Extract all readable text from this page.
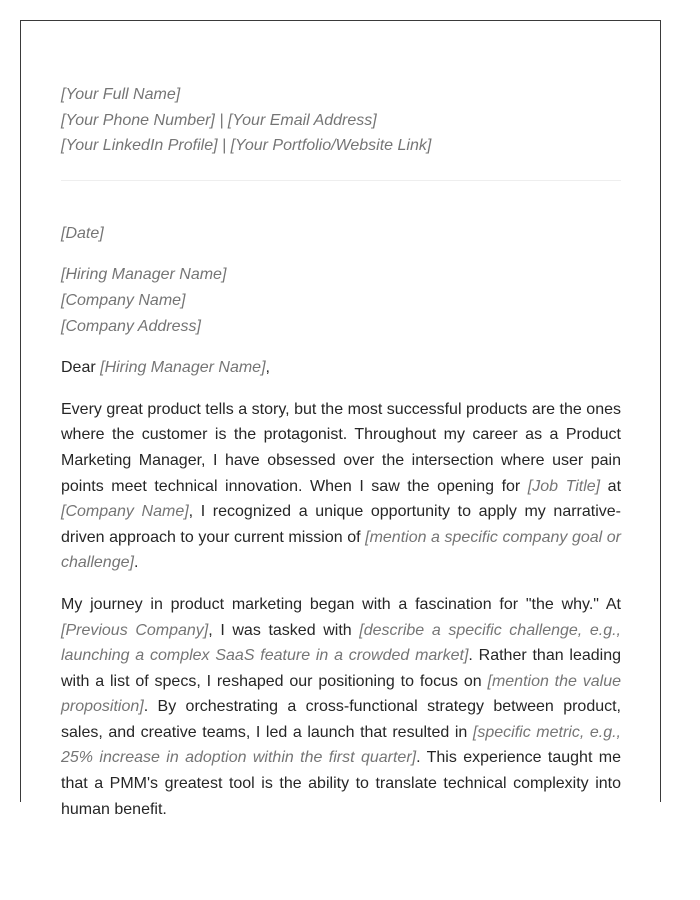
[Your Full Name]
[Your Phone Number] | [Your Email Address]
[Your LinkedIn Profile] | [Your Portfolio/Website Link]
[Date]
[Hiring Manager Name]
[Company Name]
[Company Address]
Dear [Hiring Manager Name],
Every great product tells a story, but the most successful products are the ones where the customer is the protagonist. Throughout my career as a Product Marketing Manager, I have obsessed over the intersection where user pain points meet technical innovation. When I saw the opening for [Job Title] at [Company Name], I recognized a unique opportunity to apply my narrative-driven approach to your current mission of [mention a specific company goal or challenge].
My journey in product marketing began with a fascination for "the why." At [Previous Company], I was tasked with [describe a specific challenge, e.g., launching a complex SaaS feature in a crowded market]. Rather than leading with a list of specs, I reshaped our positioning to focus on [mention the value proposition]. By orchestrating a cross-functional strategy between product, sales, and creative teams, I led a launch that resulted in [specific metric, e.g., 25% increase in adoption within the first quarter]. This experience taught me that a PMM's greatest tool is the ability to translate technical complexity into human benefit.
